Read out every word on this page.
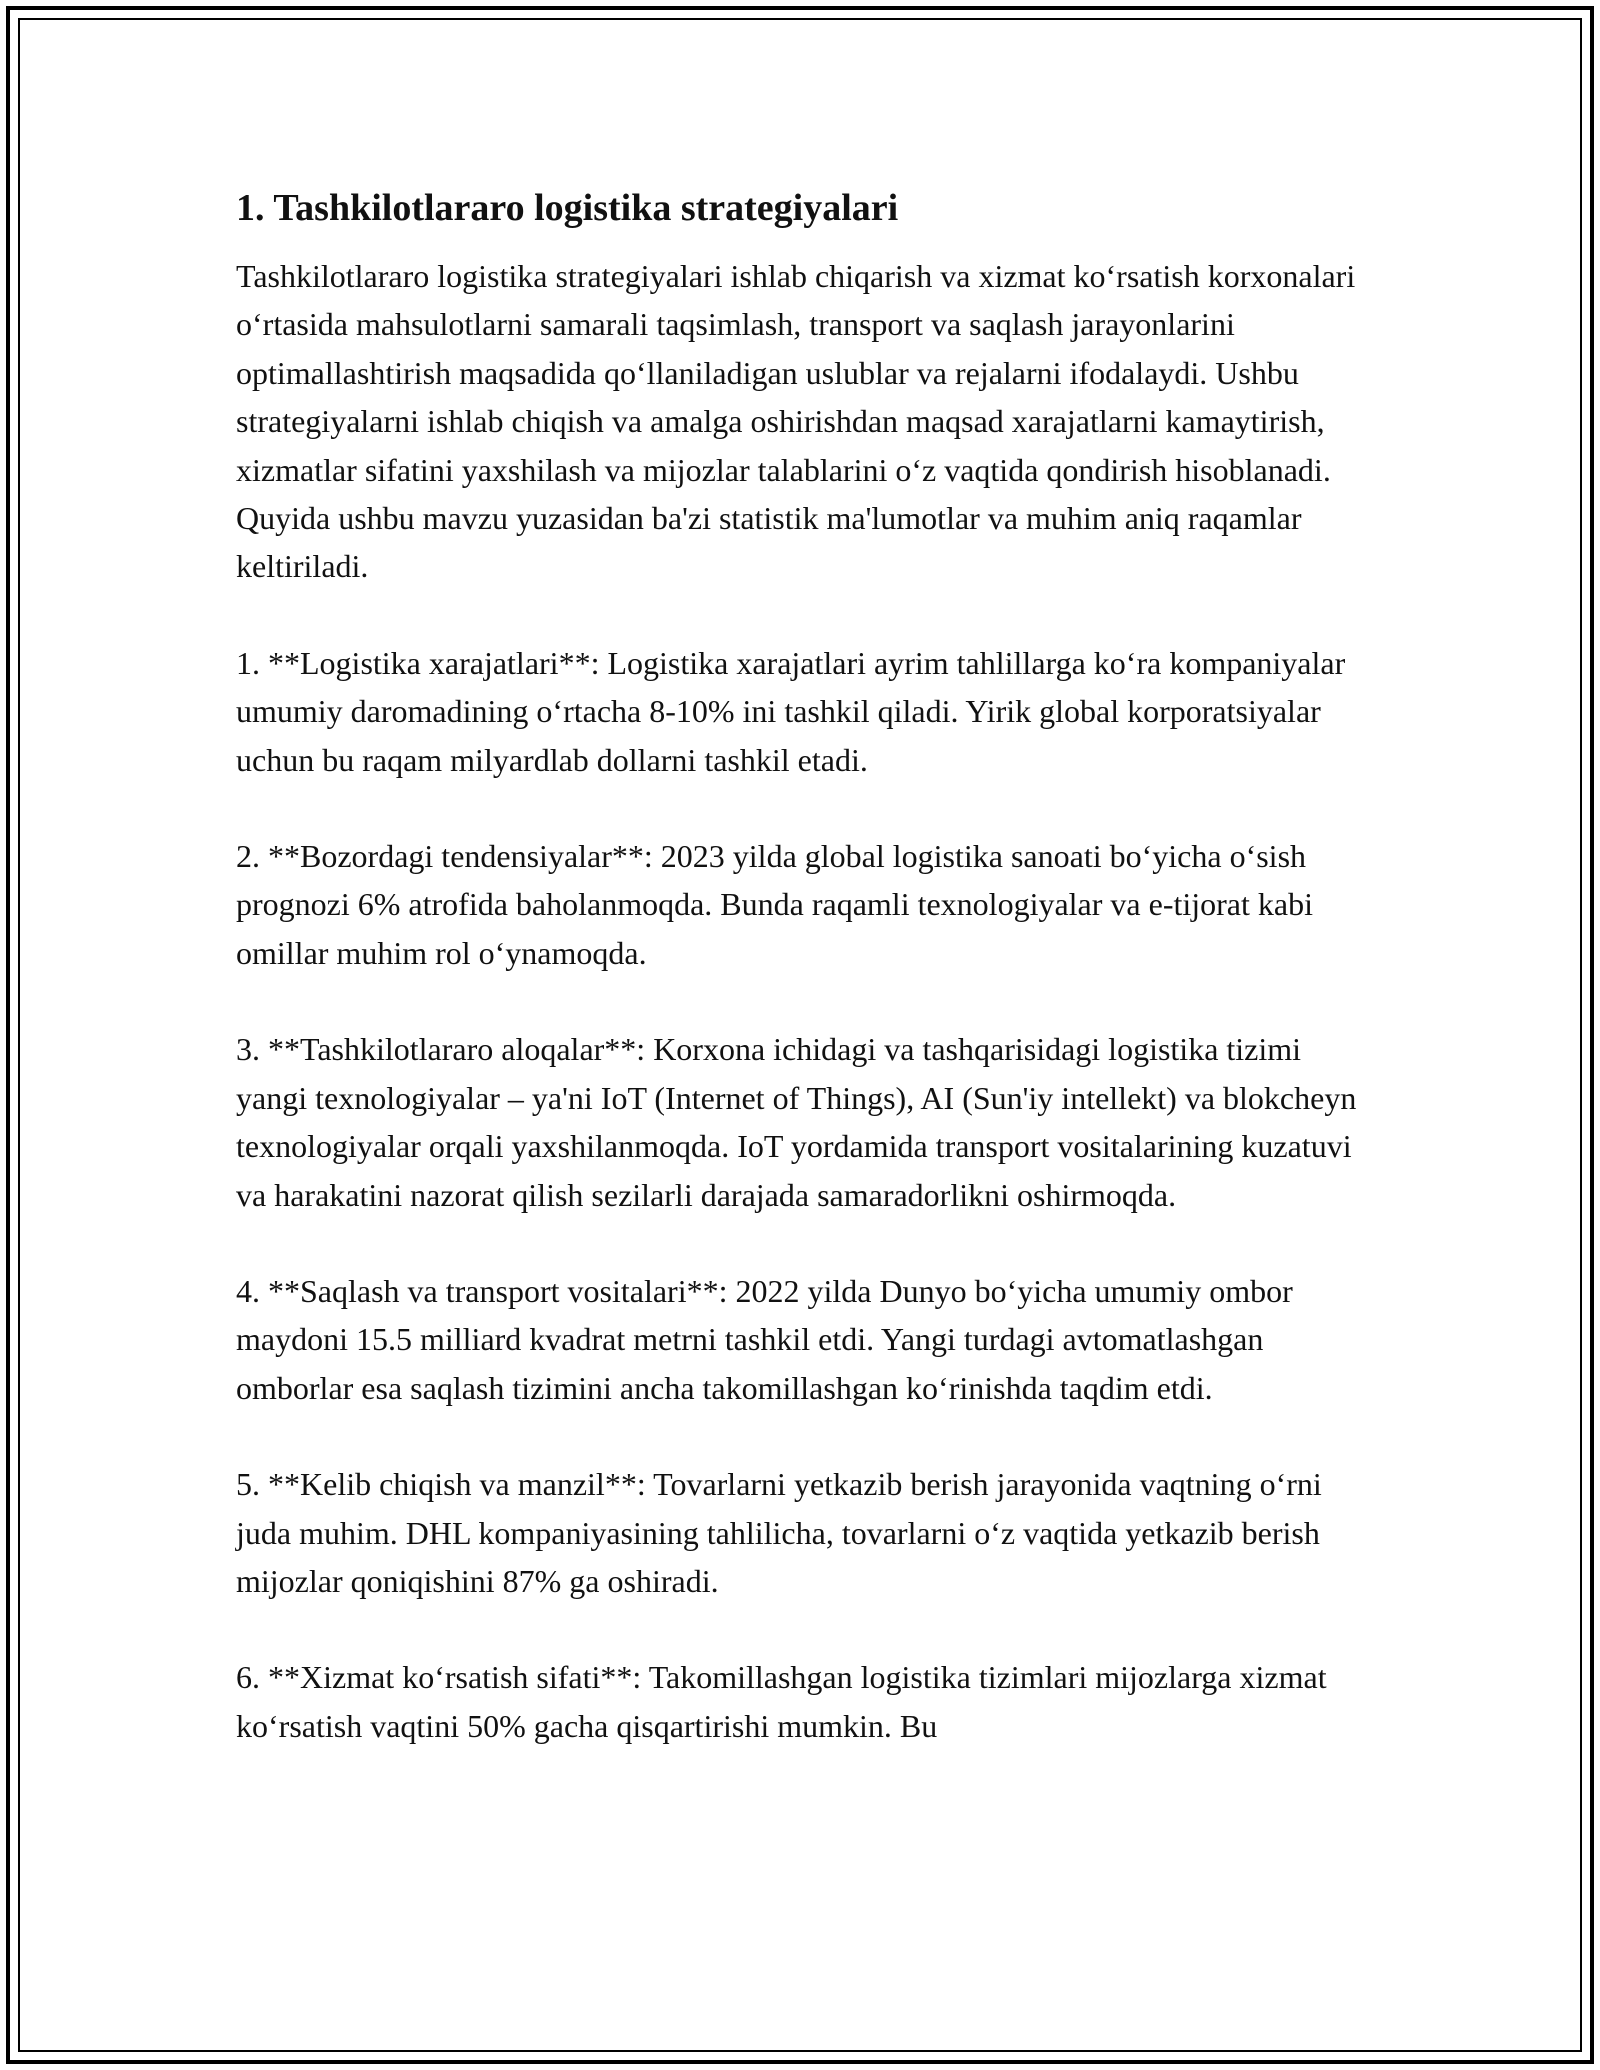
1. Tashkilotlararo logistika strategiyalari

Tashkilotlararo logistika strategiyalari ishlab chiqarish va xizmat koʻrsatish korxonalari oʻrtasida mahsulotlarni samarali taqsimlash, transport va saqlash jarayonlarini optimallashtirish maqsadida qoʻllaniladigan uslublar va rejalarni ifodalaydi. Ushbu strategiyalarni ishlab chiqish va amalga oshirishdan maqsad xarajatlarni kamaytirish, xizmatlar sifatini yaxshilash va mijozlar talablarini oʻz vaqtida qondirish hisoblanadi. Quyida ushbu mavzu yuzasidan ba'zi statistik ma'lumotlar va muhim aniq raqamlar keltiriladi.

1. **Logistika xarajatlari**: Logistika xarajatlari ayrim tahlillarga koʻra kompaniyalar umumiy daromadining oʻrtacha 8-10% ini tashkil qiladi. Yirik global korporatsiyalar uchun bu raqam milyardlab dollarni tashkil etadi.

2. **Bozordagi tendensiyalar**: 2023 yilda global logistika sanoati boʻyicha oʻsish prognozi 6% atrofida baholanmoqda. Bunda raqamli texnologiyalar va e-tijorat kabi omillar muhim rol oʻynamoqda.

3. **Tashkilotlararo aloqalar**: Korxona ichidagi va tashqarisidagi logistika tizimi yangi texnologiyalar – ya'ni IoT (Internet of Things), AI (Sun'iy intellekt) va blokcheyn texnologiyalar orqali yaxshilanmoqda. IoT yordamida transport vositalarining kuzatuvi va harakatini nazorat qilish sezilarli darajada samaradorlikni oshirmoqda.

4. **Saqlash va transport vositalari**: 2022 yilda Dunyo boʻyicha umumiy ombor maydoni 15.5 milliard kvadrat metrni tashkil etdi. Yangi turdagi avtomatlashgan omborlar esa saqlash tizimini ancha takomillashgan koʻrinishda taqdim etdi.

5. **Kelib chiqish va manzil**: Tovarlarni yetkazib berish jarayonida vaqtning oʻrni juda muhim. DHL kompaniyasining tahlilicha, tovarlarni oʻz vaqtida yetkazib berish mijozlar qoniqishini 87% ga oshiradi.

6. **Xizmat koʻrsatish sifati**: Takomillashgan logistika tizimlari mijozlarga xizmat koʻrsatish vaqtini 50% gacha qisqartirishi mumkin. Bu
